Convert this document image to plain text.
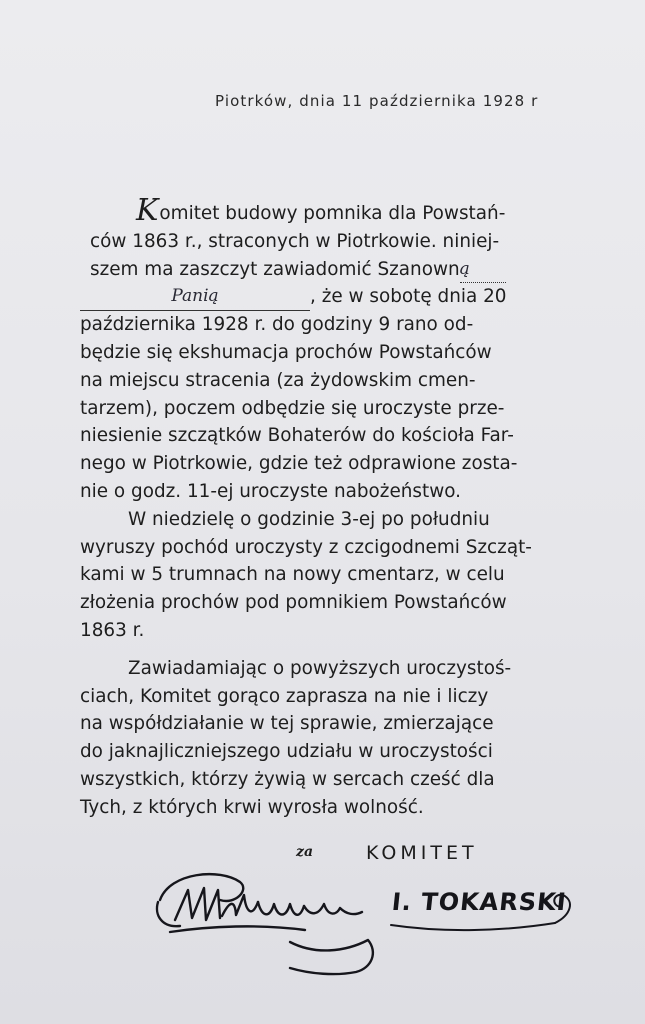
Piotrków, dnia 11 października 1928 r
K omitet budowy pomnika dla Powstań-
ców 1863 r., straconych w Piotrkowie. niniej-
szem ma zaszczyt zawiadomić Szanown ą
Panią	, że w sobotę dnia 20
października 1928 r. do godziny 9 rano od-
będzie się ekshumacja prochów Powstańców
na miejscu stracenia (za żydowskim cmen-
tarzem), poczem odbędzie się uroczyste prze-
niesienie szczątków Bohaterów do kościoła Far-
nego w Piotrkowie, gdzie też odprawione zosta-
nie o godz. 11-ej uroczyste nabożeństwo.
W niedzielę o godzinie 3-ej po południu
wyruszy pochód uroczysty z czcigodnemi Szcząt-
kami w 5 trumnach na nowy cmentarz, w celu
złożenia prochów pod pomnikiem Powstańców
1863 r.
Zawiadamiając o powyższych uroczystoś-
ciach, Komitet gorąco zaprasza na nie i liczy
na współdziałanie w tej sprawie, zmierzające
do jaknajliczniejszego udziału w uroczystości
wszystkich, którzy żywią w sercach cześć dla
Tych, z których krwi wyrosła wolność.
za	KOMITET
I. TOKARSKI
